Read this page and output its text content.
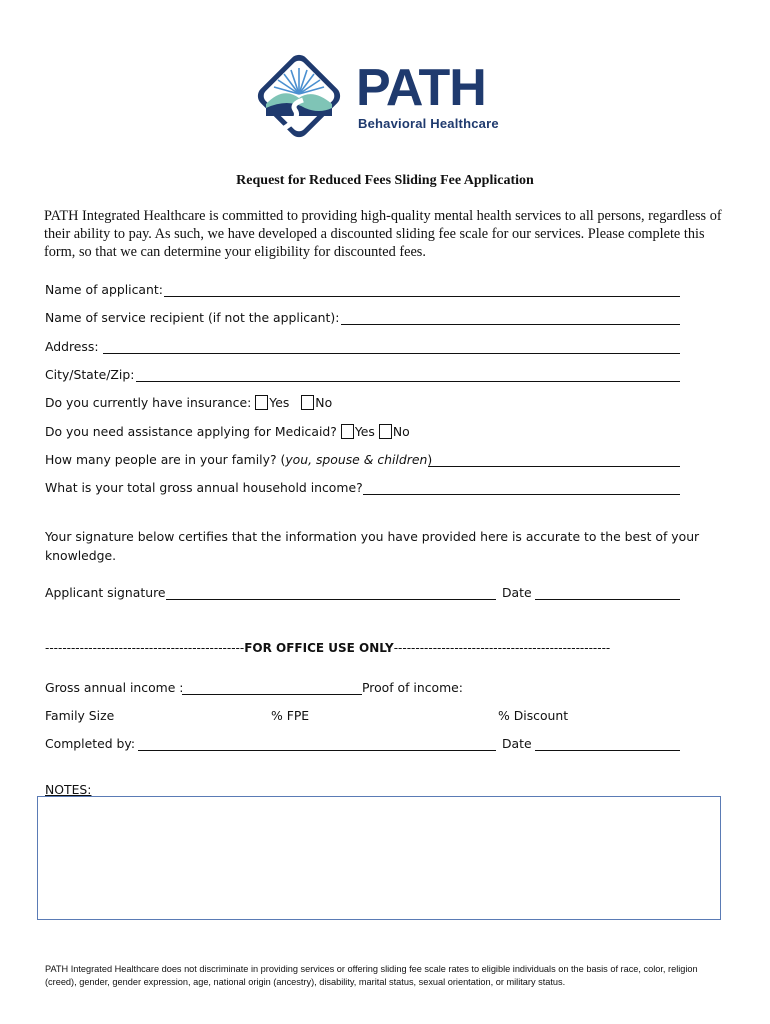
PATH
Behavioral Healthcare
Request for Reduced Fees Sliding Fee Application
PATH Integrated Healthcare is committed to providing high-quality mental health services to all persons, regardless of their ability to pay. As such, we have developed a discounted sliding fee scale for our services. Please complete this form, so that we can determine your eligibility for discounted fees.
Name of applicant:
Name of service recipient (if not the applicant):
Address:
City/State/Zip:
Do you currently have insurance: Yes No
Do you need assistance applying for Medicaid? Yes No
How many people are in your family? (you, spouse & children)
What is your total gross annual household income?
Your signature below certifies that the information you have provided here is accurate to the best of your knowledge.
Applicant signature	Date
----------------------------------------------FOR OFFICE USE ONLY--------------------------------------------------
Gross annual income :	Proof of income:
Family Size	% FPE	% Discount
Completed by:	Date
NOTES:
PATH Integrated Healthcare does not discriminate in providing services or offering sliding fee scale rates to eligible individuals on the basis of race, color, religion (creed), gender, gender expression, age, national origin (ancestry), disability, marital status, sexual orientation, or military status.
